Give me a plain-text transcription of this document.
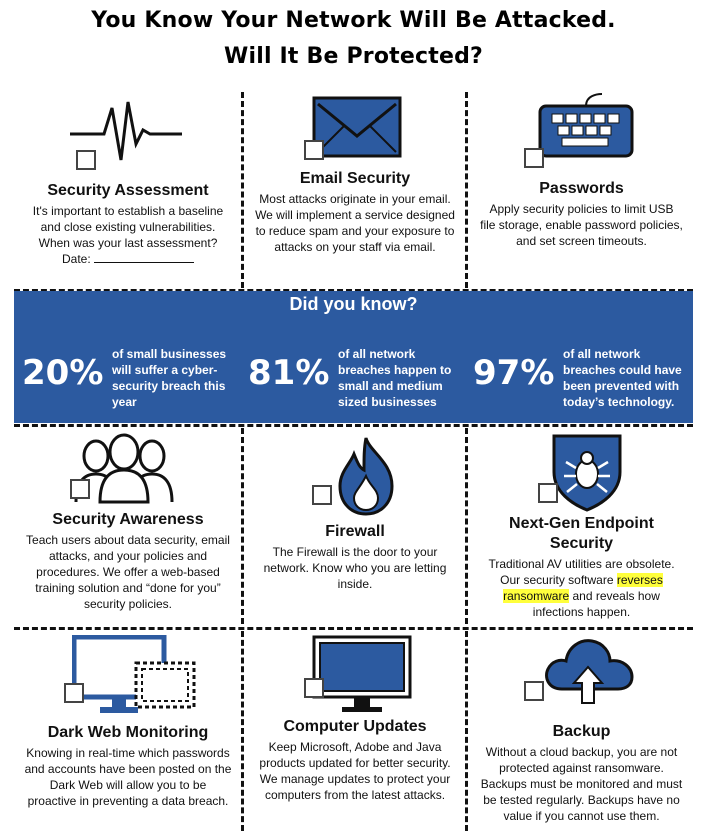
You Know Your Network Will Be Attacked.
Will It Be Protected?
Security Assessment

It's important to establish a baseline
and close existing vulnerabilities.
When was your last assessment?
Date:

Email Security

Most attacks originate in your email.
We will implement a service designed
to reduce spam and your exposure to
attacks on your staff via email.

Passwords

Apply security policies to limit USB
file storage, enable password policies,
and set screen timeouts.

Did you know?
20% of small businesses
will suffer a cyber-
security breach this
year
81% of all network
breaches happen to
small and medium
sized businesses
97% of all network
breaches could have
been prevented with
today’s technology.
Security Awareness

Teach users about data security, email
attacks, and your policies and
procedures. We offer a web-based
training solution and “done for you”
security policies.

Firewall

The Firewall is the door to your
network. Know who you are letting
inside.

Next-Gen Endpoint
Security

Traditional AV utilities are obsolete.
Our security software reverses
ransomware and reveals how
infections happen.

Dark Web Monitoring

Knowing in real-time which passwords
and accounts have been posted on the
Dark Web will allow you to be
proactive in preventing a data breach.

Computer Updates

Keep Microsoft, Adobe and Java
products updated for better security.
We manage updates to protect your
computers from the latest attacks.

Backup

Without a cloud backup, you are not
protected against ransomware.
Backups must be monitored and must
be tested regularly. Backups have no
value if you cannot use them.
